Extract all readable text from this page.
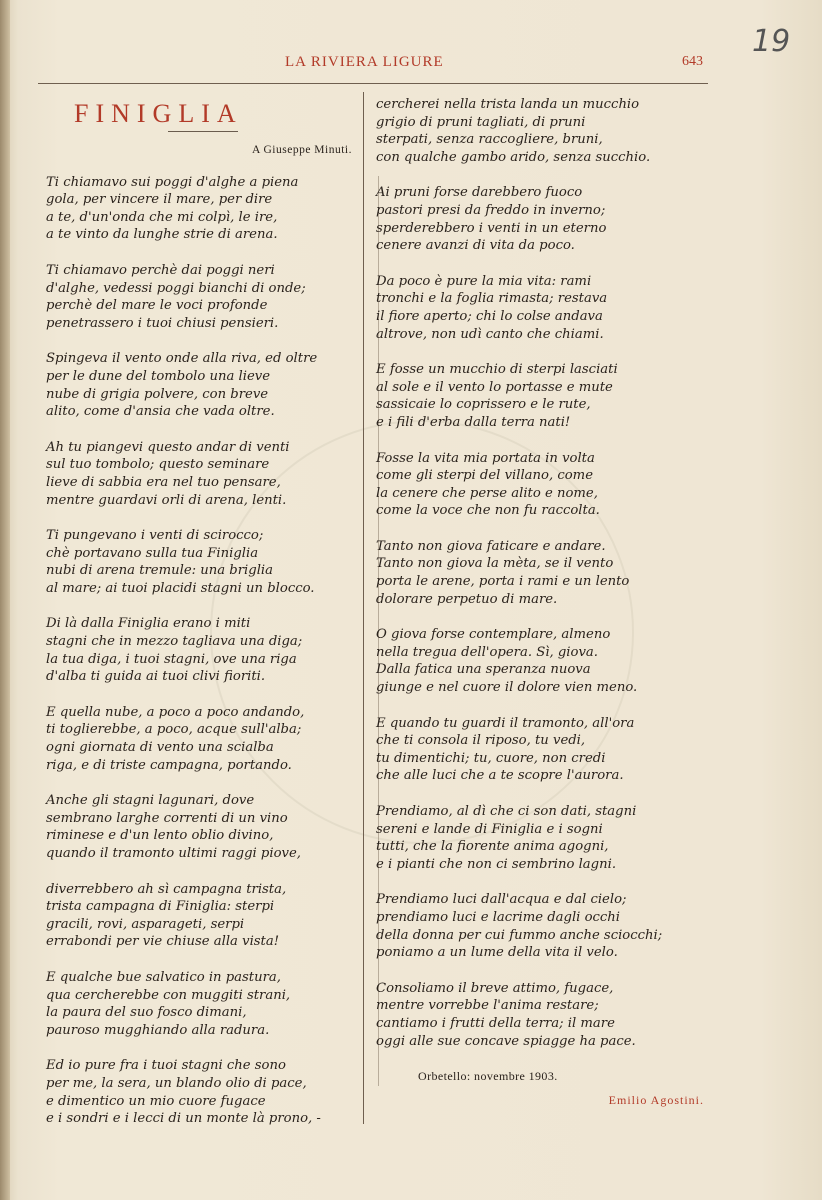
LA RIVIERA LIGURE	643
19
FINIGLIA
A Giuseppe Minuti.
Ti chiamavo sui poggi d'alghe a piena
gola, per vincere il mare, per dire
a te, d'un'onda che mi colpì, le ire,
a te vinto da lunghe strie di arena.
Ti chiamavo perchè dai poggi neri
d'alghe, vedessi poggi bianchi di onde;
perchè del mare le voci profonde
penetrassero i tuoi chiusi pensieri.
Spingeva il vento onde alla riva, ed oltre
per le dune del tombolo una lieve
nube di grigia polvere, con breve
alito, come d'ansia che vada oltre.
Ah tu piangevi questo andar di venti
sul tuo tombolo; questo seminare
lieve di sabbia era nel tuo pensare,
mentre guardavi orli di arena, lenti.
Ti pungevano i venti di scirocco;
chè portavano sulla tua Finiglia
nubi di arena tremule: una briglia
al mare; ai tuoi placidi stagni un blocco.
Di là dalla Finiglia erano i miti
stagni che in mezzo tagliava una diga;
la tua diga, i tuoi stagni, ove una riga
d'alba ti guida ai tuoi clivi fioriti.
E quella nube, a poco a poco andando,
ti toglierebbe, a poco, acque sull'alba;
ogni giornata di vento una scialba
riga, e di triste campagna, portando.
Anche gli stagni lagunari, dove
sembrano larghe correnti di un vino
riminese e d'un lento oblio divino,
quando il tramonto ultimi raggi piove,
diverrebbero ah sì campagna trista,
trista campagna di Finiglia: sterpi
gracili, rovi, asparageti, serpi
errabondi per vie chiuse alla vista!
E qualche bue salvatico in pastura,
qua cercherebbe con muggiti strani,
la paura del suo fosco dimani,
pauroso mugghiando alla radura.
Ed io pure fra i tuoi stagni che sono
per me, la sera, un blando olio di pace,
e dimentico un mio cuore fugace
e i sondri e i lecci di un monte là prono, -
cercherei nella trista landa un mucchio
grigio di pruni tagliati, di pruni
sterpati, senza raccogliere, bruni,
con qualche gambo arido, senza succhio.
Ai pruni forse darebbero fuoco
pastori presi da freddo in inverno;
sperderebbero i venti in un eterno
cenere avanzi di vita da poco.
Da poco è pure la mia vita: rami
tronchi e la foglia rimasta; restava
il fiore aperto; chi lo colse andava
altrove, non udì canto che chiami.
E fosse un mucchio di sterpi lasciati
al sole e il vento lo portasse e mute
sassicaie lo coprissero e le rute,
e i fili d'erba dalla terra nati!
Fosse la vita mia portata in volta
come gli sterpi del villano, come
la cenere che perse alito e nome,
come la voce che non fu raccolta.
Tanto non giova faticare e andare.
Tanto non giova la mèta, se il vento
porta le arene, porta i rami e un lento
dolorare perpetuo di mare.
O giova forse contemplare, almeno
nella tregua dell'opera. Sì, giova.
Dalla fatica una speranza nuova
giunge e nel cuore il dolore vien meno.
E quando tu guardi il tramonto, all'ora
che ti consola il riposo, tu vedi,
tu dimentichi; tu, cuore, non credi
che alle luci che a te scopre l'aurora.
Prendiamo, al dì che ci son dati, stagni
sereni e lande di Finiglia e i sogni
tutti, che la fiorente anima agogni,
e i pianti che non ci sembrino lagni.
Prendiamo luci dall'acqua e dal cielo;
prendiamo luci e lacrime dagli occhi
della donna per cui fummo anche sciocchi;
poniamo a un lume della vita il velo.
Consoliamo il breve attimo, fugace,
mentre vorrebbe l'anima restare;
cantiamo i frutti della terra; il mare
oggi alle sue concave spiagge ha pace.
Orbetello: novembre 1903.
Emilio Agostini.
